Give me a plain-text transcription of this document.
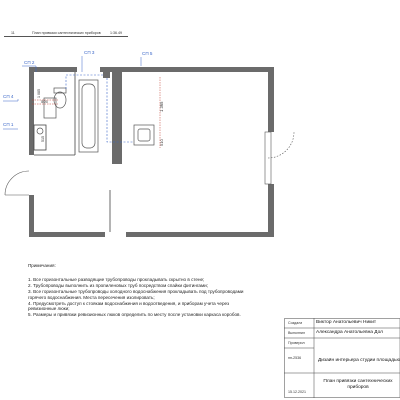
11	План привязки сантехнических приборов	1:36.49
1 365
505
1 085
510
515
СП 2
СП 3	СП 5
СП 4
СП 1
Примечания:
1. Все горизонтальные разводящие трубопроводы прокладывать скрытно в стене;
2. Трубопроводы выполнить из пропиленовых труб посредством спайки фитингами;
3. Все горизонтальные трубопроводы холодного водоснабжения прокладывать под трубопроводами
горячего водоснабжения. Места пересечения изолировать;
4. Предусмотреть доступ к стоякам водоснабжения и водоотведения, и приборам учета через
ревизионные люки;
5. Размеры и привязки ревизионных люков определить по месту после установки каркаса коробов.
Создала	Виктор Анатольевич Никит
Выполнил Александра Анатольевна Дол
Проверил
нн-2536	Дизайн интерьера студии площадью
15.12.2021
План привязки сантехнических приборов
